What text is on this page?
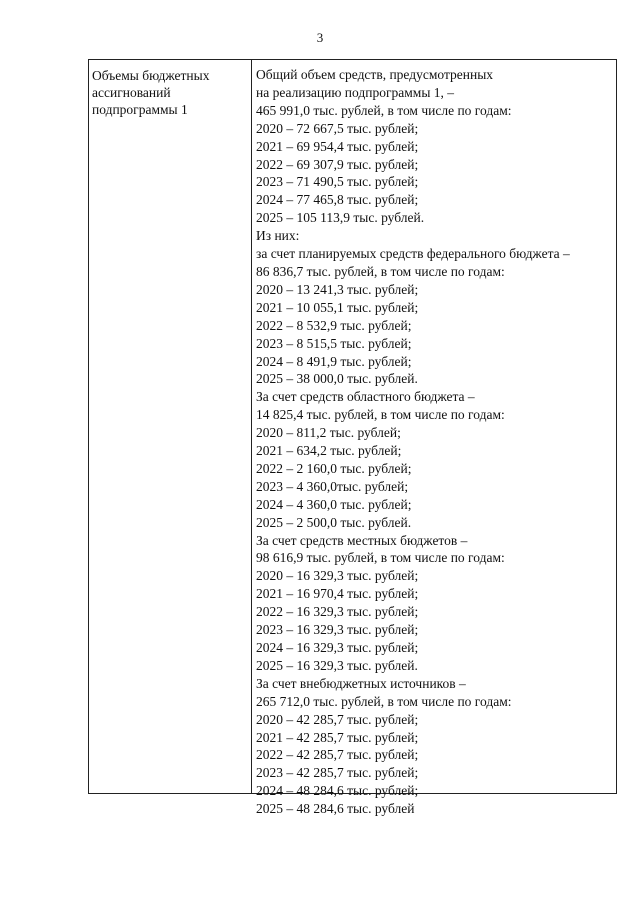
3
Объемы бюджетных
ассигнований
подпрограммы 1
Общий объем средств, предусмотренных
на реализацию подпрограммы 1, –
465 991,0 тыс. рублей, в том числе по годам:
2020 – 72 667,5 тыс. рублей;
2021 – 69 954,4 тыс. рублей;
2022 – 69 307,9 тыс. рублей;
2023 – 71 490,5 тыс. рублей;
2024 – 77 465,8 тыс. рублей;
2025 – 105 113,9 тыс. рублей.
Из них:
за счет планируемых средств федерального бюджета –
86 836,7 тыс. рублей, в том числе по годам:
2020 – 13 241,3 тыс. рублей;
2021 – 10 055,1 тыс. рублей;
2022 – 8 532,9 тыс. рублей;
2023 – 8 515,5 тыс. рублей;
2024 – 8 491,9 тыс. рублей;
2025 – 38 000,0 тыс. рублей.
За счет средств областного бюджета –
14 825,4 тыс. рублей, в том числе по годам:
2020 – 811,2 тыс. рублей;
2021 – 634,2 тыс. рублей;
2022 – 2 160,0 тыс. рублей;
2023 – 4 360,0тыс. рублей;
2024 – 4 360,0 тыс. рублей;
2025 – 2 500,0 тыс. рублей.
За счет средств местных бюджетов –
98 616,9 тыс. рублей, в том числе по годам:
2020 – 16 329,3 тыс. рублей;
2021 – 16 970,4 тыс. рублей;
2022 – 16 329,3 тыс. рублей;
2023 – 16 329,3 тыс. рублей;
2024 – 16 329,3 тыс. рублей;
2025 – 16 329,3 тыс. рублей.
За счет внебюджетных источников –
265 712,0 тыс. рублей, в том числе по годам:
2020 – 42 285,7 тыс. рублей;
2021 – 42 285,7 тыс. рублей;
2022 – 42 285,7 тыс. рублей;
2023 – 42 285,7 тыс. рублей;
2024 – 48 284,6 тыс. рублей;
2025 – 48 284,6 тыс. рублей
